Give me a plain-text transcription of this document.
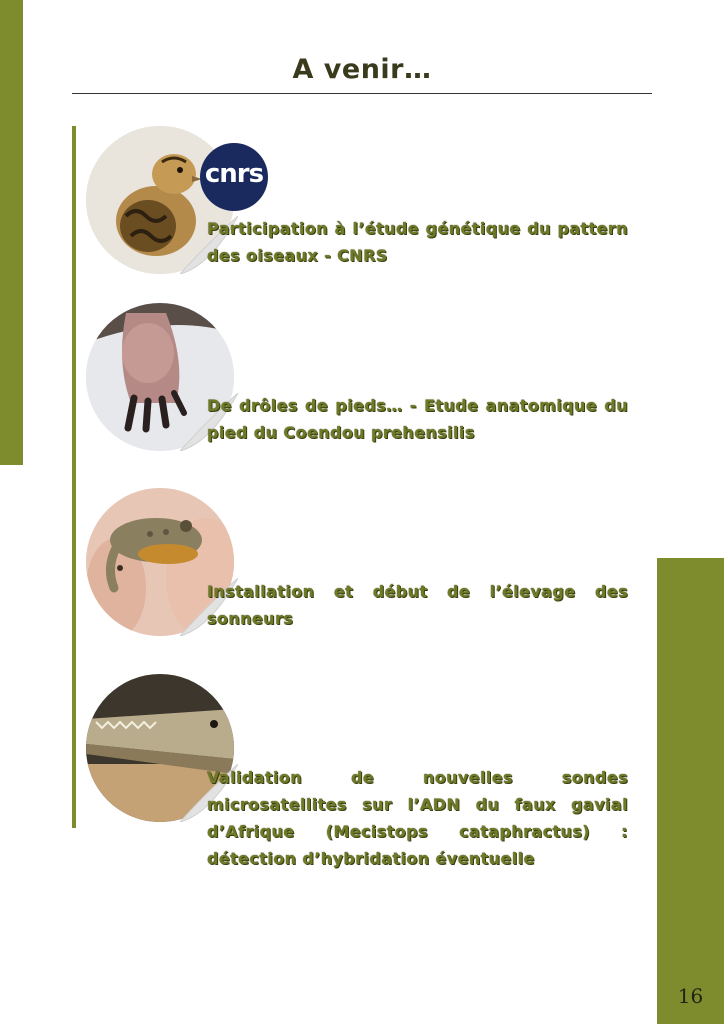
16
A venir…
cnrs
Participation à l’étude génétique du pattern des oiseaux - CNRS
De drôles de pieds… - Etude anatomique du pied du Coendou prehensilis
Installation et début de l’élevage des sonneurs
Validation de nouvelles sondes microsatellites sur l’ADN du faux gavial d’Afrique (Mecistops cataphractus) : détection d’hybridation éventuelle
